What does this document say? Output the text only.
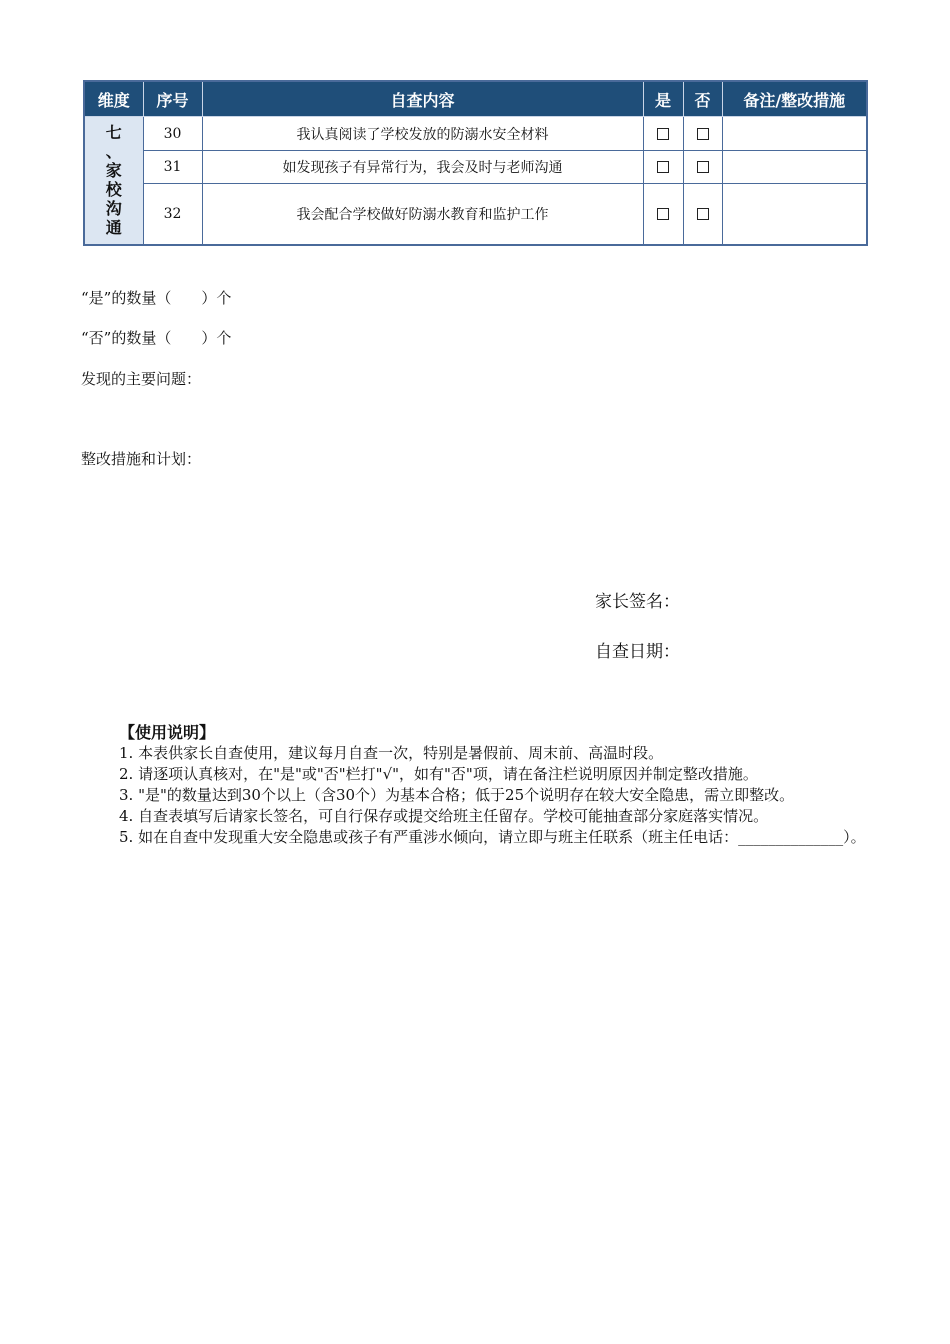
维度	序号	自查内容	是	否	备注/整改措施
七、家校沟通	30	我认真阅读了学校发放的防溺水安全材料			
	31	如发现孩子有异常行为，我会及时与老师沟通			
	32	我会配合学校做好防溺水教育和监护工作			
“是”的数量（　　）个
“否”的数量（　　）个
发现的主要问题：
整改措施和计划：
家长签名：
自查日期：
【使用说明】

1. 本表供家长自查使用，建议每月自查一次，特别是暑假前、周末前、高温时段。

2. 请逐项认真核对，在"是"或"否"栏打"√"，如有"否"项，请在备注栏说明原因并制定整改措施。

3. "是"的数量达到30个以上（含30个）为基本合格；低于25个说明存在较大安全隐患，需立即整改。

4. 自查表填写后请家长签名，可自行保存或提交给班主任留存。学校可能抽查部分家庭落实情况。

5. 如在自查中发现重大安全隐患或孩子有严重涉水倾向，请立即与班主任联系（班主任电话：______________）。
